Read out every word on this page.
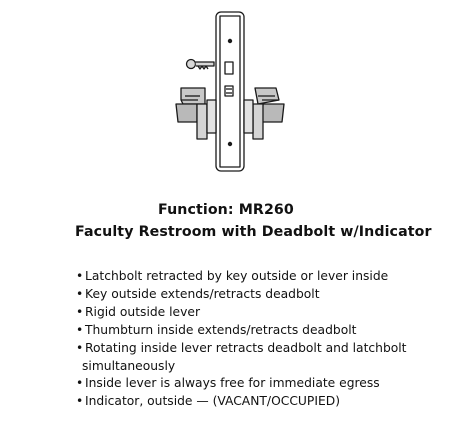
Function: MR260
Faculty Restroom with Deadbolt w/Indicator
• Latchbolt retracted by key outside or lever inside
• Key outside extends/retracts deadbolt
• Rigid outside lever
• Thumbturn inside extends/retracts deadbolt
• Rotating inside lever retracts deadbolt and latchbolt
simultaneously
• Inside lever is always free for immediate egress
• Indicator, outside — (VACANT/OCCUPIED)
